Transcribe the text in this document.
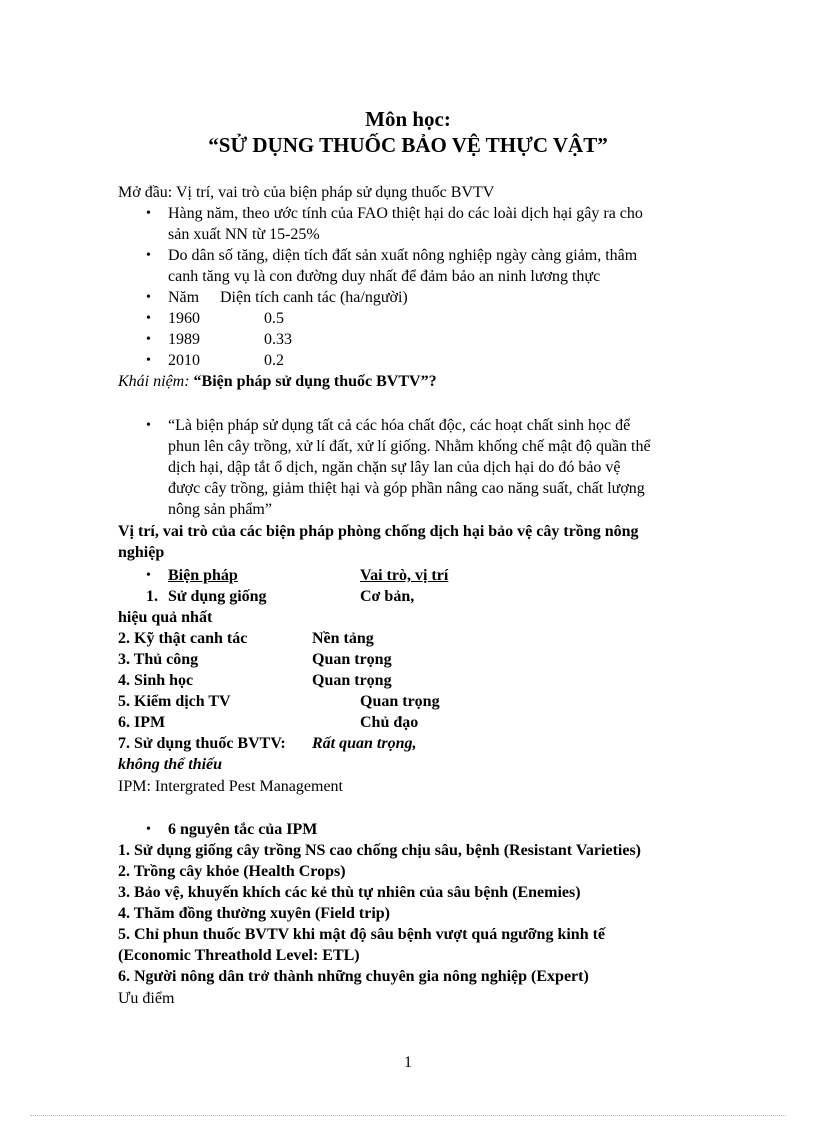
Môn học:
“SỬ DỤNG THUỐC BẢO VỆ THỰC VẬT”
Mở đầu: Vị trí, vai trò của biện pháp sử dụng thuốc BVTV
• Hàng năm, theo ước tính của FAO thiệt hại do các loài dịch hại gây ra cho
sản xuất NN từ 15-25%
• Do dân số tăng, diện tích đất sản xuất nông nghiệp ngày càng giảm, thâm
canh tăng vụ là con đường duy nhất để đảm bảo an ninh lương thực
• Năm Diện tích canh tác (ha/người)
• 1960	0.5
• 1989	0.33
• 2010	0.2
Khái niệm: “Biện pháp sử dụng thuốc BVTV”?
• “Là biện pháp sử dụng tất cả các hóa chất độc, các hoạt chất sinh học để
phun lên cây trồng, xử lí đất, xử lí giống. Nhằm khống chế mật độ quần thể
dịch hại, dập tắt ổ dịch, ngăn chặn sự lây lan của dịch hại do đó bảo vệ
được cây trồng, giảm thiệt hại và góp phần nâng cao năng suất, chất lượng
nông sản phẩm”
Vị trí, vai trò của các biện pháp phòng chống dịch hại bảo vệ cây trồng nông
nghiệp
• Biện pháp	Vai trò, vị trí
1. Sử dụng giống	Cơ bản,
hiệu quả nhất
2. Kỹ thật canh tác	Nền tảng
3. Thủ công	Quan trọng
4. Sinh học	Quan trọng
5. Kiểm dịch TV	Quan trọng
6. IPM	Chủ đạo
7. Sử dụng thuốc BVTV: Rất quan trọng,
không thể thiếu
IPM: Intergrated Pest Management
• 6 nguyên tắc của IPM
1. Sử dụng giống cây trồng NS cao chống chịu sâu, bệnh (Resistant Varieties)
2. Trồng cây khỏe (Health Crops)
3. Bảo vệ, khuyến khích các kẻ thù tự nhiên của sâu bệnh (Enemies)
4. Thăm đồng thường xuyên (Field trip)
5. Chỉ phun thuốc BVTV khi mật độ sâu bệnh vượt quá ngưỡng kinh tế
(Economic Threathold Level: ETL)
6. Người nông dân trở thành những chuyên gia nông nghiệp (Expert)
Ưu điểm
1
